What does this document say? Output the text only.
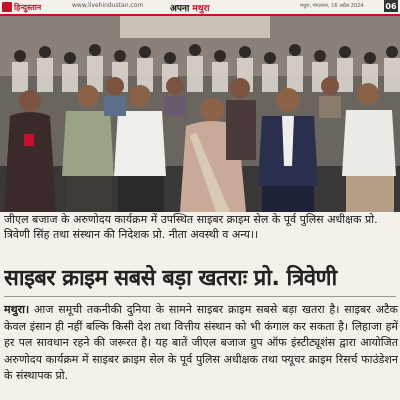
हिन्दुस्तान	www.livehindustan.com	अपना मथुरा	मथुरा, मंगलवार, 16 अप्रैल 2024	06
जीएल बजाज के अरुणोदय कार्यक्रम में उपस्थित साइबर क्राइम सेल के पूर्व पुलिस अधीक्षक प्रो. त्रिवेणी सिंह तथा संस्थान की निदेशक प्रो. नीता अवस्थी व अन्य।।
साइबर क्राइम सबसे बड़ा खतराः प्रो. त्रिवेणी
मथुरा। आज समूची तकनीकी दुनिया के सामने साइबर क्राइम सबसे बड़ा खतरा है। साइबर अटैक केवल इंसान ही नहीं बल्कि किसी देश तथा वित्तीय संस्थान को भी कंगाल कर सकता है। लिहाजा हमें हर पल सावधान रहने की जरूरत है। यह बातें जीएल बजाज ग्रुप ऑफ इंस्टीट्यूशंस द्वारा आयोजित अरुणोदय कार्यक्रम में साइबर क्राइम सेल के पूर्व पुलिस अधीक्षक तथा फ्यूचर क्राइम रिसर्च फाउंडेशन के संस्थापक प्रो.
